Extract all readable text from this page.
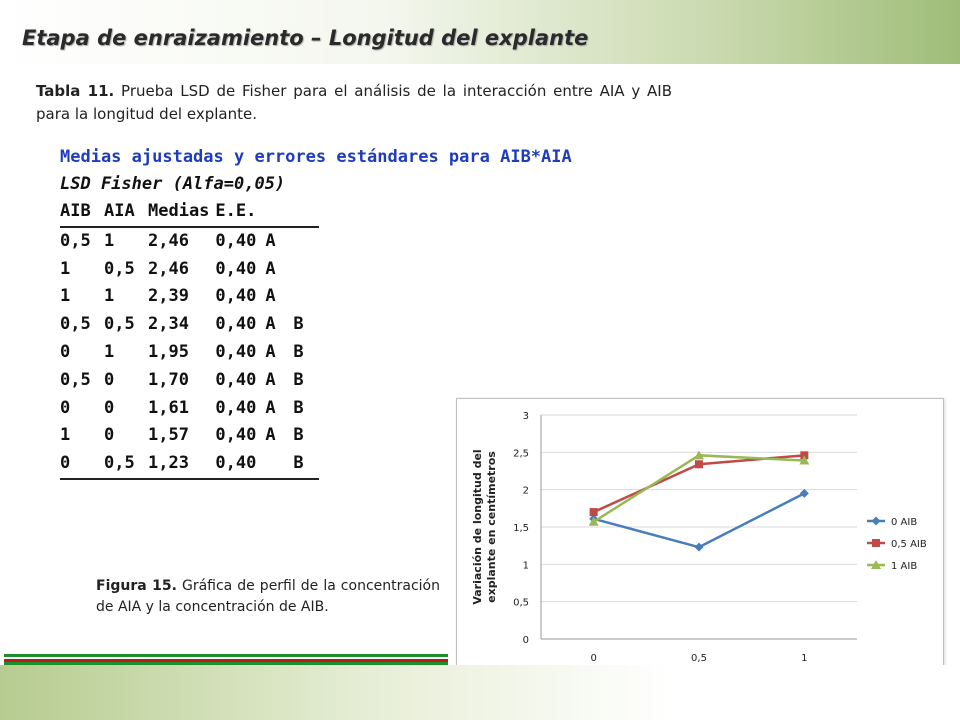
Etapa de enraizamiento – Longitud del explante

Tabla 11. Prueba LSD de Fisher para el análisis de la interacción entre AIA y AIB para la longitud del explante.

Medias ajustadas y errores estándares para AIB*AIA
LSD Fisher (Alfa=0,05)
AIB	AIA	Medias	E.E.		
0,5	1	2,46	0,40	A	
1	0,5	2,46	0,40	A	
1	1	2,39	0,40	A	
0,5	0,5	2,34	0,40	A	B
0	1	1,95	0,40	A	B
0,5	0	1,70	0,40	A	B
0	0	1,61	0,40	A	B
1	0	1,57	0,40	A	B
0	0,5	1,23	0,40		B

Figura 15. Gráfica de perfil de la concentración de AIA y la concentración de AIB.

0
0,5
1
1,5
2
2,5
3
0	0,5	1
Variación de longitud del explante en centímetros	0 AIB
0,5 AIB
1 AIB
